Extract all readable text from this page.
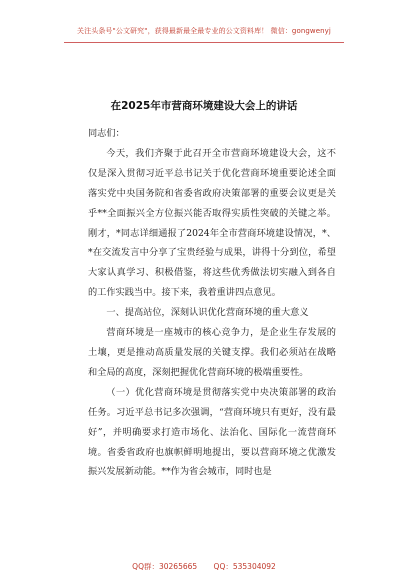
关注头条号"公文研究"，获得最新最全最专业的公文资料库！ 微信：gongwenyj
在2025年市营商环境建设大会上的讲话

同志们：

今天，我们齐聚于此召开全市营商环境建设大会，这不仅是深入贯彻习近平总书记关于优化营商环境重要论述全面落实党中央国务院和省委省政府决策部署的重要会议更是关乎**全面振兴全方位振兴能否取得实质性突破的关键之举。刚才，*同志详细通报了2024年全市营商环境建设情况，*、*在交流发言中分享了宝贵经验与成果，讲得十分到位，希望大家认真学习、积极借鉴，将这些优秀做法切实融入到各自的工作实践当中。接下来，我着重讲四点意见。

一、提高站位，深刻认识优化营商环境的重大意义

营商环境是一座城市的核心竞争力，是企业生存发展的土壤，更是推动高质量发展的关键支撑。我们必须站在战略和全局的高度，深刻把握优化营商环境的极端重要性。

（一）优化营商环境是贯彻落实党中央决策部署的政治任务。习近平总书记多次强调，“营商环境只有更好，没有最好”，并明确要求打造市场化、法治化、国际化一流营商环境。省委省政府也旗帜鲜明地提出，要以营商环境之优激发振兴发展新动能。**作为省会城市，同时也是

QQ群：30265665 QQ：535304092
